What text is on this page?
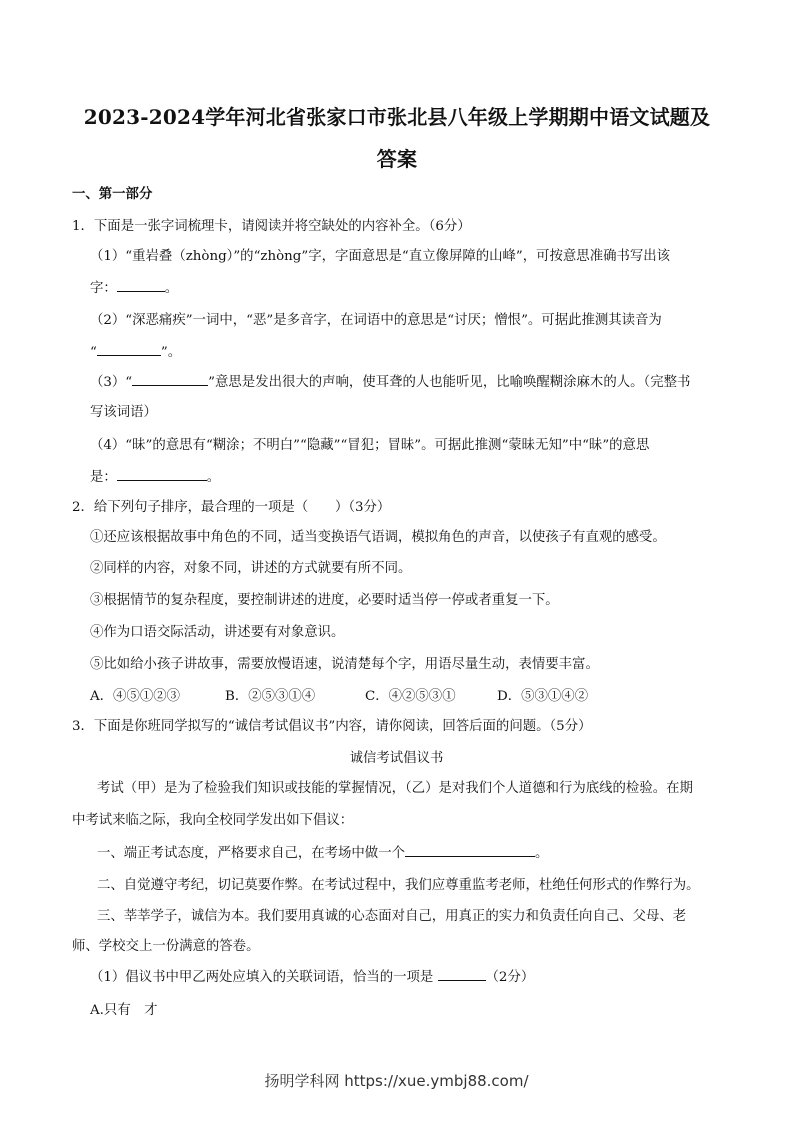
2023-2024学年河北省张家口市张北县八年级上学期期中语文试题及
答案
一、第一部分
1．下面是一张字词梳理卡，请阅读并将空缺处的内容补全。（6分）
（1）“重岩叠（zhòng）”的“zhòng”字，字面意思是“直立像屏障的山峰”，可按意思准确书写出该
字：	。
（2）“深恶痛疾”一词中，“恶”是多音字，在词语中的意思是“讨厌；憎恨”。可据此推测其读音为
“	”。
（3）“	”意思是发出很大的声响，使耳聋的人也能听见，比喻唤醒糊涂麻木的人。（完整书
写该词语）
（4）“昧”的意思有“糊涂；不明白”“隐藏”“冒犯；冒昧”。可据此推测“蒙昧无知”中“昧”的意思
是：	。
2．给下列句子排序，最合理的一项是（　　）（3分）
①还应该根据故事中角色的不同，适当变换语气语调，模拟角色的声音，以使孩子有直观的感受。
②同样的内容，对象不同，讲述的方式就要有所不同。
③根据情节的复杂程度，要控制讲述的进度，必要时适当停一停或者重复一下。
④作为口语交际活动，讲述要有对象意识。
⑤比如给小孩子讲故事，需要放慢语速，说清楚每个字，用语尽量生动，表情要丰富。
A．④⑤①②③	B．②⑤③①④	C．④②⑤③①	D．⑤③①④②
3．下面是你班同学拟写的“诚信考试倡议书”内容，请你阅读，回答后面的问题。（5分）
诚信考试倡议书
考试（甲）是为了检验我们知识或技能的掌握情况，（乙）是对我们个人道德和行为底线的检验。在期
中考试来临之际，我向全校同学发出如下倡议：
一、端正考试态度，严格要求自己，在考场中做一个	。
二、自觉遵守考纪，切记莫要作弊。在考试过程中，我们应尊重监考老师，杜绝任何形式的作弊行为。
三、莘莘学子，诚信为本。我们要用真诚的心态面对自己，用真正的实力和负责任向自己、父母、老
师、学校交上一份满意的答卷。
（1）倡议书中甲乙两处应填入的关联词语，恰当的一项是	（2分）
A.只有　才
扬明学科网 https://xue.ymbj88.com/
